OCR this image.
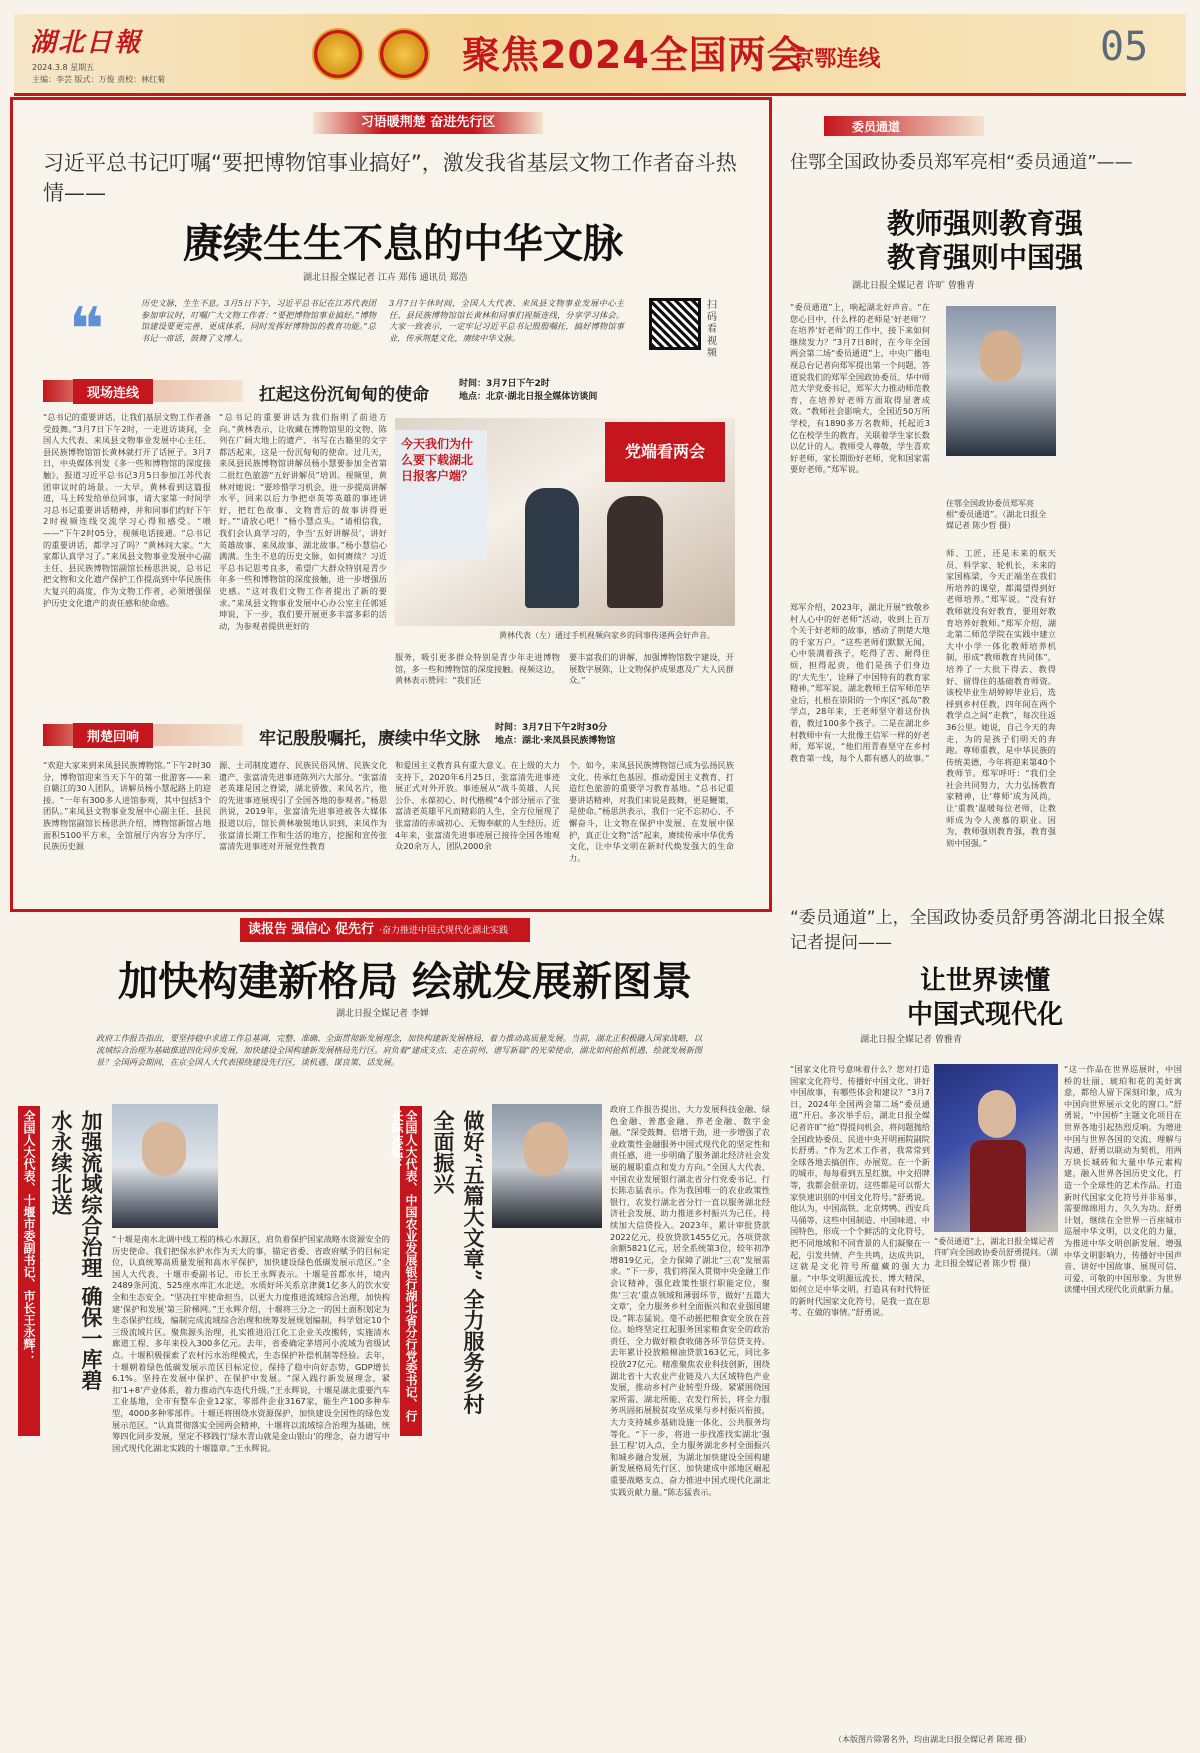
湖北日報
2024.3.8 星期五
主编：李芸 版式：万俊 责校：林红菊
聚焦2024全国两会
·京鄂连线	05
习语暖荆楚 奋进先行区
习近平总书记叮嘱“要把博物馆事业搞好”，激发我省基层文物工作者奋斗热情——
赓续生生不息的中华文脉
湖北日报全媒记者 江卉 郑伟 通讯员 郑浩
❝	历史文脉，生生不息。3月5日下午，习近平总书记在江苏代表团参加审议时，叮嘱广大文物工作者：“要把博物馆事业搞好。”博物馆建设要更完善、更成体系，同时发挥好博物馆的教育功能。”总书记一席话，鼓舞了文博人。
3月7日午休时间，全国人大代表、来凤县文物事业发展中心主任、县民族博物馆馆长黄林和同事们视频连线，分享学习体会。大家一致表示，一定牢记习近平总书记殷殷嘱托，搞好博物馆事业，传承荆楚文化，赓续中华文脉。
扫码看视频
现场连线	扛起这份沉甸甸的使命
时间：3月7日下午2时
地点：北京·湖北日报全媒体访谈间
“总书记的重要讲话，让我们基层文物工作者备受鼓舞。”3月7日下午2时，一走进访谈间，全国人大代表、来凤县文物事业发展中心主任、县民族博物馆馆长黄林就打开了话匣子。3月7日，中央媒体刊发《多一些和博物馆的深度接触》，报道习近平总书记3月5日参加江苏代表团审议时的场景。一大早，黄林看到这篇报道，马上转发给单位同事，请大家第一时间学习总书记重要讲话精神，并和同事们约好下午2时视频连线交流学习心得和感受。“喂——”下午2时05分，视频电话接通。“总书记的重要讲话，都学习了吗？”黄林问大家。“大家都认真学习了。”来凤县文物事业发展中心副主任、县民族博物馆副馆长杨思洪说，总书记把文物和文化遗产保护工作提高到中华民族伟大复兴的高度，作为文物工作者，必须增强保护历史文化遗产的责任感和使命感。
“总书记的重要讲话为我们指明了前进方向。”黄林表示，让收藏在博物馆里的文物、陈列在广阔大地上的遗产、书写在古籍里的文字都活起来，这是一份沉甸甸的使命。过几天，来凤县民族博物馆讲解员杨小慧要参加全省第二批红色旅游“五好讲解员”培训。视频里，黄林对她说：“要珍惜学习机会，进一步提高讲解水平，回来以后力争把卓英等英雄的事迹讲好，把红色故事、文物背后的故事讲得更好。”“请放心吧！”杨小慧点头。“请相信我，我们会认真学习的，争当‘五好讲解员’，讲好英雄故事、来凤故事、湖北故事。”杨小慧信心满满。生生不息的历史文脉，如何赓续？习近平总书记思考良多，希望广大群众特别是青少年多一些和博物馆的深度接触，进一步增强历史感。“这对我们文物工作者提出了新的要求。”来凤县文物事业发展中心办公室主任郭延坤说，下一步，我们要开展更多丰富多彩的活动，为参观者提供更好的
今天我们为什么要下载湖北日报客户端？
党端看两会
黄林代表（左）通过手机视频向家乡的同事传递两会好声音。
服务，吸引更多群众特别是青少年走进博物馆，多一些和博物馆的深度接触。视频这边，黄林表示赞同：“我们还
要丰富我们的讲解，加强博物馆数字建设，开展数字展陈，让文物保护成果惠及广大人民群众。”
荆楚回响	牢记殷殷嘱托，赓续中华文脉
时间：3月7日下午2时30分
地点：湖北·来凤县民族博物馆
“欢迎大家来到来凤县民族博物馆。”下午2时30分，博物馆迎来当天下午的第一批游客——来自赣江的30人团队，讲解员杨小慧起路上的迎接。“一年有300多人进馆参观，其中包括3个团队。”来凤县文物事业发展中心副主任、县民族博物馆副馆长杨思洪介绍，博物馆新馆占地面积5100平方米，全馆展厅内容分为序厅、民族历史源
源、土司制度遗存、民族民俗风情、民族文化遗产、张富清先进事迹陈列六大部分。“张富清老英雄是国之脊梁，湖北骄傲、来凤名片，他的先进事迹展现引了全国各地的参观者。”杨思洪说，2019年，张富清先进事迹被各大媒体报道以后，馆长黄林敏锐地认识到，来凤作为张富清长期工作和生活的地方，挖掘和宣传张富清先进事迹对开展党性教育
和爱国主义教育具有重大意义。在上级的大力支持下，2020年6月25日，张富清先进事迹展正式对外开放。事迹展从“战斗英雄、人民公仆、永葆初心、时代楷模”4个部分展示了张富清老英雄平凡而精彩的人生，全方位展现了张富清的赤诚初心、无悔奉献的人生经历。近4年来，张富清先进事迹展已接待全国各地观众20余万人，团队2000余
个。如今，来凤县民族博物馆已成为弘扬民族文化、传承红色基因、推动爱国主义教育、打造红色旅游的重要学习教育基地。“总书记重要讲话精神，对我们来说是鼓舞，更是鞭策，是使命。”杨思洪表示，我们一定不忘初心、不懈奋斗，让文物在保护中发展、在发展中保护，真正让文物“活”起来，赓续传承中华优秀文化，让中华文明在新时代焕发强大的生命力。
读报告 强信心 促先行 ·奋力推进中国式现代化湖北实践
加快构建新格局 绘就发展新图景
湖北日报全媒记者 李婵
政府工作报告指出，要坚持稳中求进工作总基调，完整、准确、全面贯彻新发展理念，加快构建新发展格局，着力推动高质量发展。当前，湖北正积极融入国家战略，以流域综合治理为基础推进四化同步发展，加快建设全国构建新发展格局先行区。肩负着“建成支点、走在前列、谱写新篇”的光荣使命，湖北如何抢抓机遇、绘就发展新图景？全国两会期间，在京全国人大代表围绕建设先行区，谈机遇、谋良策、话发展。
全国人大代表、十堰市委副书记、市长王永辉：	加强流域综合治理 确保一库碧水永续北送
“十堰是南水北调中线工程的核心水源区，肩负着保护国家战略水资源安全的历史使命。我们把保水护水作为天大的事，锚定省委、省政府赋予的目标定位，认真统筹高质量发展和高水平保护，加快建设绿色低碳发展示范区。”全国人大代表、十堰市委副书记、市长王永辉表示。十堰是首都水井，境内2489条河流、525座水库汇水北送，水质好坏关系京津冀1亿多人的饮水安全和生态安全。“坚决扛牢使命担当，以更大力度推进流域综合治理，加快构建‘保护和发展’第三阶梯网。”王永辉介绍，十堰将三分之一的国土面积划定为生态保护红线，编制完成流域综合治理和统筹发展规划编制，科学划定10个三级流域片区。聚焦源头治理，扎实推进沿江化工企业关改搬转，实施清水廊道工程、多年来投入300多亿元。去年，省委确定茅塔河小流域为省级试点。十堰积极探索了农村污水治理模式，生态保护补偿机制等经验。去年，十堰朝着绿色低碳发展示范区目标定位，保持了稳中向好态势，GDP增长6.1%。坚持在发展中保护、在保护中发展。“深入践行新发展理念，紧扣‘1+8’产业体系，着力推动汽车迭代升级。”王永辉说，十堰是湖北重要汽车工业基地，全市有整车企业12家、零部件企业3167家，能生产100多种车型，4000多种零部件。十堰还将围绕水资源保护，加快建设全国性的绿色发展示范区。“认真贯彻落实全国两会精神，十堰将以流域综合治理为基础，统筹四化同步发展，坚定不移践行‘绿水青山就是金山银山’的理念，奋力谱写中国式现代化湖北实践的十堰篇章。”王永辉说。
全国人大代表、中国农业发展银行湖北省分行党委书记、行长陈志猛：	做好“五篇大文章” 全力服务乡村全面振兴
政府工作报告提出，大力发展科技金融、绿色金融、普惠金融、养老金融、数字金融。“深受鼓舞、倍增干劲，进一步增强了农业政策性金融服务中国式现代化的坚定性和责任感，进一步明确了服务湖北经济社会发展的履职重点和发力方向。”全国人大代表、中国农业发展银行湖北省分行党委书记、行长陈志猛表示。作为我国唯一的农业政策性银行，农发行湖北省分行一直以服务湖北经济社会发展、助力推进乡村振兴为己任，持续加大信贷投入。2023年，累计审批贷款2022亿元，投放贷款1455亿元，各项贷款余额5821亿元，居全系统第3位，较年初净增819亿元，全力保障了湖北“三农”发展需求。“下一步，我们将深入贯彻中央金融工作会议精神，强化政策性银行职能定位，聚焦‘三农’重点领域和薄弱环节，做好‘五篇大文章’，全力服务乡村全面振兴和农业强国建设。”陈志猛说。毫不动摇把粮食安全放在首位。始终坚定扛起服务国家粮食安全的政治责任，全力做好粮食收储各环节信贷支持。去年累计投放粮棉油贷款163亿元，同比多投放27亿元。精准聚焦农业科技创新，围绕湖北省十大农业产业链及八大区域特色产业发展，推动乡村产业转型升级。紧紧围绕国家所需、湖北所能、农发行所长，将全力服务巩固拓展脱贫攻坚成果与乡村振兴衔接，大力支持城乡基础设施一体化、公共服务均等化。“下一步，将进一步找准找实湖北‘强县工程’切入点，全力服务湖北乡村全面振兴和城乡融合发展，为湖北加快建设全国构建新发展格局先行区、加快建成中部地区崛起重要战略支点、奋力推进中国式现代化湖北实践贡献力量。”陈志猛表示。
委员通道
住鄂全国政协委员郑军亮相“委员通道”——
教师强则教育强
教育强则中国强
湖北日报全媒记者 许旷 曾雅青
“委员通道”上，响起湖北好声音。“在您心目中，什么样的老师是‘好老师’？在培养‘好老师’的工作中，接下来如何继续发力？”3月7日8时，在今年全国两会第二场“委员通道”上，中央广播电视总台记者向郑军提出第一个问题，答道说我们的郑军全国政协委员、华中师范大学党委书记，郑军大力推动师范教育，在培养好老师方面取得显著成效。“教师社会影响大，全国近50万所学校，有1890多万名教师，托起近3亿在校学生的教育，关联着学生家长数以亿计的人。教师受人尊敬，学生喜欢好老师，家长期盼好老师，党和国家需要好老师。”郑军说。
住鄂全国政协委员郑军亮相“委员通道”。（湖北日报全媒记者 陈少哲 摄）
郑军介绍，2023年，湖北开展“致敬乡村人心中的好老师”活动，收到上百万个关于好老师的故事，感动了荆楚大地的千家万户。“这些老师们默默无闻，心中装满着孩子，吃得了苦、耐得住烦，担得起责，他们是孩子们身边的‘大先生’，诠释了中国特有的教育家精神。”郑军说。湖北教师王信军师范毕业后，扎根在崇阳的一个库区“孤岛”教学点，28年来，王老师坚守着这份执着，教过100多个孩子。二是在湖北乡村教师中有一大批像王信军一样的好老师，郑军说，“他们用青春坚守在乡村教育第一线，每个人都有感人的故事。”
师、工匠，还是未来的航天员、科学家、轮机长，未来的家国栋梁，今天正端坐在我们所培养的课堂，都渴望得到好老师培养。”郑军说。“没有好教师就没有好教育，要用好教育培养好教师。”郑军介绍，湖北第二师范学院在实践中建立大中小学一体化教师培养机制，形成“教师教育共同体”，培养了一大批下得去、教得好、留得住的基础教育师资。该校毕业生胡婷婷毕业后，选择到乡村任教，四年间在两个教学点之间“走教”，每次往返36公里。她说，自己今天的奔走，为的是孩子们明天的奔跑。尊师重教，是中华民族的传统美德，今年将迎来第40个教师节。郑军呼吁：“我们全社会共同努力，大力弘扬教育家精神，让‘尊师’成为风尚，让‘重教’温暖每位老师，让教师成为令人羡慕的职业。因为，教师强则教育强，教育强则中国强。”
“委员通道”上，全国政协委员舒勇答湖北日报全媒记者提问——
让世界读懂
中国式现代化
湖北日报全媒记者 曾雅青
“国家文化符号意味着什么？您对打造国家文化符号、传播好中国文化、讲好中国故事，有哪些体会和建议？”3月7日，2024年全国两会第二场“委员通道”开启。多次举手后，湖北日报全媒记者许旷“抢”得提问机会，将问题抛给全国政协委员、民进中央开明画院副院长舒勇。“作为艺术工作者，我常常到全球各地去搞创作、办展览。在一个新的城市，每每看到五星红旗，中文招牌等，我都会很亲切，这些都是可以帮大家快速识别的中国文化符号。”舒勇说。他认为，中国高铁、北京烤鸭、西安兵马俑等，这些中国制造、中国味道、中国特色，形成一个个鲜活的文化符号，把不同地域和不同背景的人们凝聚在一起，引发共情、产生共鸣，达成共识，这就是文化符号所蕴藏的强大力量。“中华文明源远流长、博大精深，如何立足中华文明，打造具有时代特征的新时代国家文化符号，是我一直在思考、在做的事情。”舒勇说。
“委员通道”上，湖北日报全媒记者许旷向全国政协委员舒勇提问。（湖北日报全媒记者 陈少哲 摄）
“这一作品在世界巡展时，中国桥的壮丽、琥珀和花的美好寓意，都给人留下深刻印象，成为中国向世界展示文化的窗口。”舒勇说，“中国桥”主题文化项目在世界各地引起热烈反响。为增进中国与世界各国的交流、理解与沟通，舒勇以联动为契机，用两万块长城砖和大量中华元素构建，融入世界各国历史文化，打造一个全球性的艺术作品。打造新时代国家文化符号并非易事，需要绵绵用力、久久为功。舒勇计划，继续在全世界一百座城市巡展中华文明，以文化的力量，为推进中华文明创新发展、增强中华文明影响力，传播好中国声音、讲好中国故事、展现可信、可爱、可敬的中国形象。为世界读懂中国式现代化贡献新力量。
（本版图片除署名外，均由湖北日报全媒记者 陈迹 摄）
